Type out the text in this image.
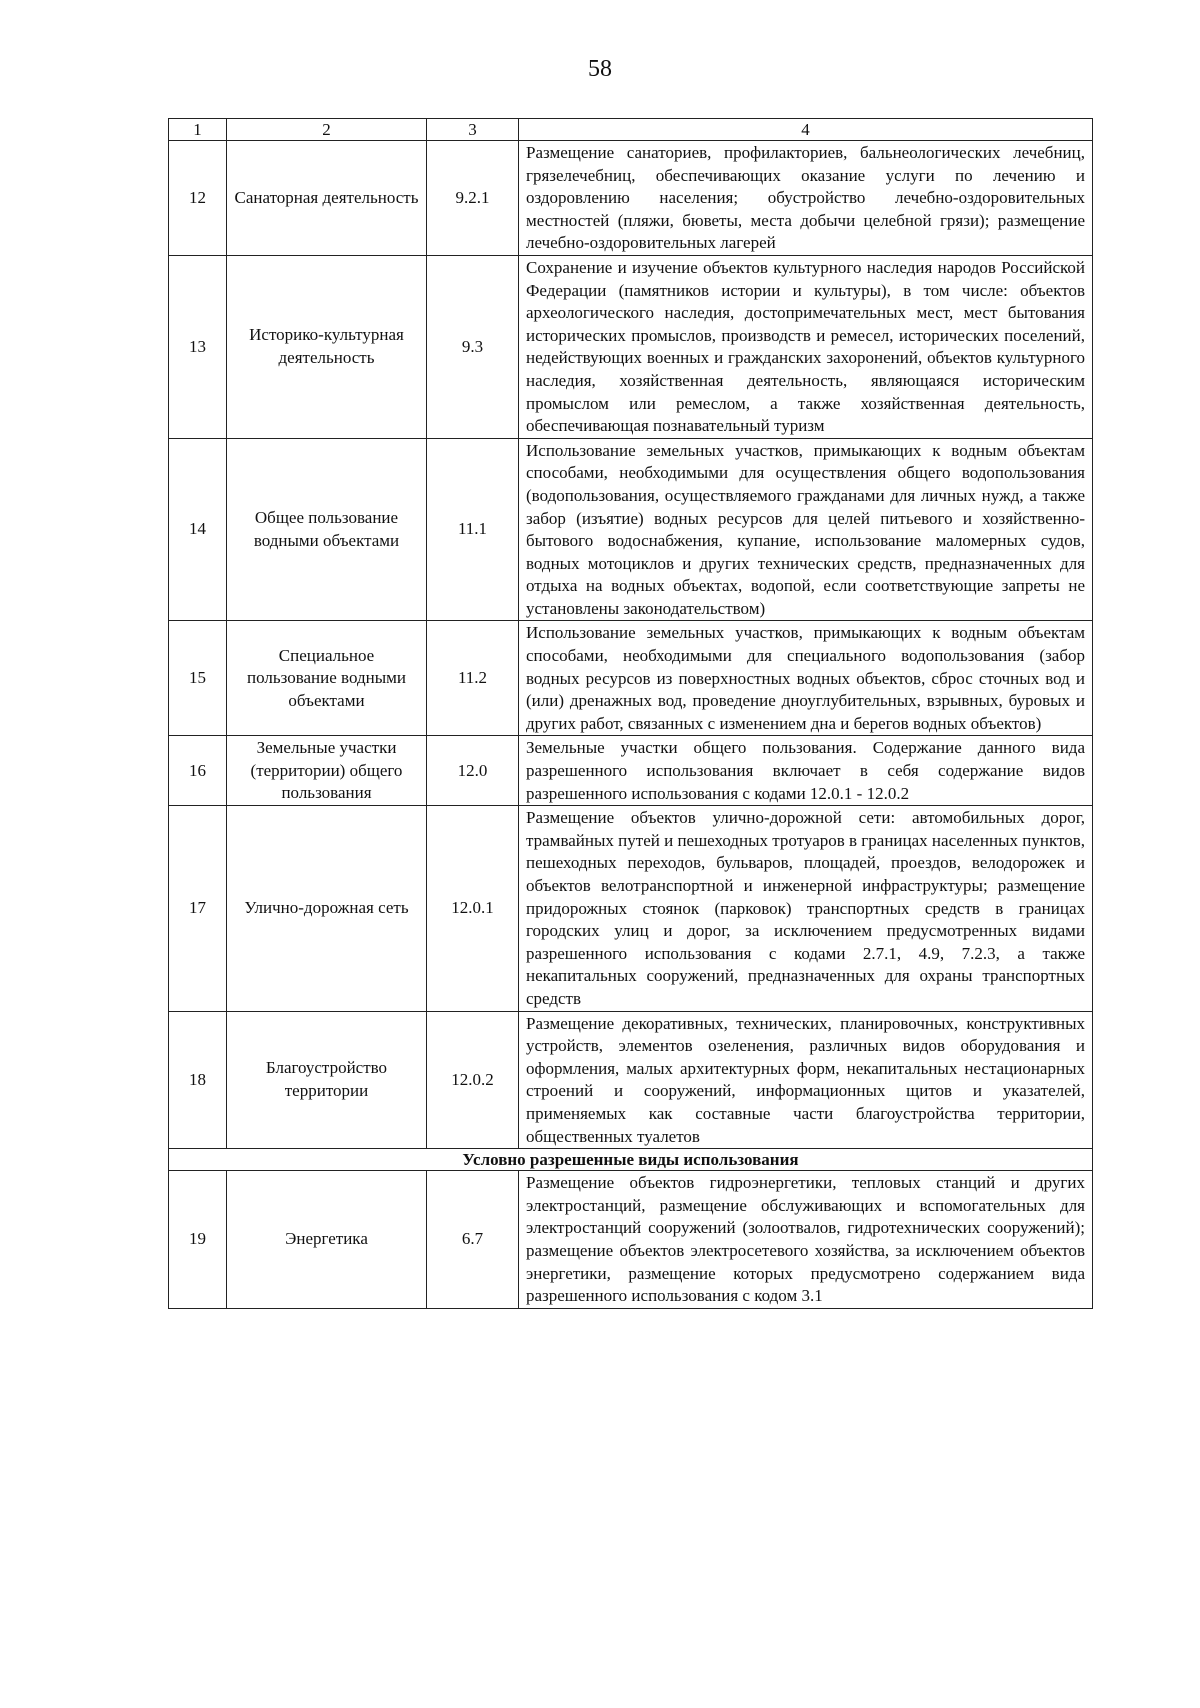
58
1	2	3	4
12	Санаторная деятельность	9.2.1	Размещение санаториев, профилакториев, бальнеологических лечебниц, грязелечебниц, обеспечивающих оказание услуги по лечению и оздоровлению населения; обустройство лечебно-оздоровительных местностей (пляжи, бюветы, места добычи целебной грязи); размещение лечебно-оздоровительных лагерей
13	Историко-культурная деятельность	9.3	Сохранение и изучение объектов культурного наследия народов Российской Федерации (памятников истории и культуры), в том числе: объектов археологического наследия, достопримечательных мест, мест бытования исторических промыслов, производств и ремесел, исторических поселений, недействующих военных и гражданских захоронений, объектов культурного наследия, хозяйственная деятельность, являющаяся историческим промыслом или ремеслом, а также хозяйственная деятельность, обеспечивающая познавательный туризм
14	Общее пользование водными объектами	11.1	Использование земельных участков, примыкающих к водным объектам способами, необходимыми для осуществления общего водопользования (водопользования, осуществляемого гражданами для личных нужд, а также забор (изъятие) водных ресурсов для целей питьевого и хозяйственно-бытового водоснабжения, купание, использование маломерных судов, водных мотоциклов и других технических средств, предназначенных для отдыха на водных объектах, водопой, если соответствующие запреты не установлены законодательством)
15	Специальное пользование водными объектами	11.2	Использование земельных участков, примыкающих к водным объектам способами, необходимыми для специального водопользования (забор водных ресурсов из поверхностных водных объектов, сброс сточных вод и (или) дренажных вод, проведение дноуглубительных, взрывных, буровых и других работ, связанных с изменением дна и берегов водных объектов)
16	Земельные участки (территории) общего пользования	12.0	Земельные участки общего пользования. Содержание данного вида разрешенного использования включает в себя содержание видов разрешенного использования с кодами 12.0.1 - 12.0.2
17	Улично-дорожная сеть	12.0.1	Размещение объектов улично-дорожной сети: автомобильных дорог, трамвайных путей и пешеходных тротуаров в границах населенных пунктов, пешеходных переходов, бульваров, площадей, проездов, велодорожек и объектов велотранспортной и инженерной инфраструктуры; размещение придорожных стоянок (парковок) транспортных средств в границах городских улиц и дорог, за исключением предусмотренных видами разрешенного использования с кодами 2.7.1, 4.9, 7.2.3, а также некапитальных сооружений, предназначенных для охраны транспортных средств
18	Благоустройство территории	12.0.2	Размещение декоративных, технических, планировочных, конструктивных устройств, элементов озеленения, различных видов оборудования и оформления, малых архитектурных форм, некапитальных нестационарных строений и сооружений, информационных щитов и указателей, применяемых как составные части благоустройства территории, общественных туалетов
Условно разрешенные виды использования			
19	Энергетика	6.7	Размещение объектов гидроэнергетики, тепловых станций и других электростанций, размещение обслуживающих и вспомогательных для электростанций сооружений (золоотвалов, гидротехнических сооружений); размещение объектов электросетевого хозяйства, за исключением объектов энергетики, размещение которых предусмотрено содержанием вида разрешенного использования с кодом 3.1
